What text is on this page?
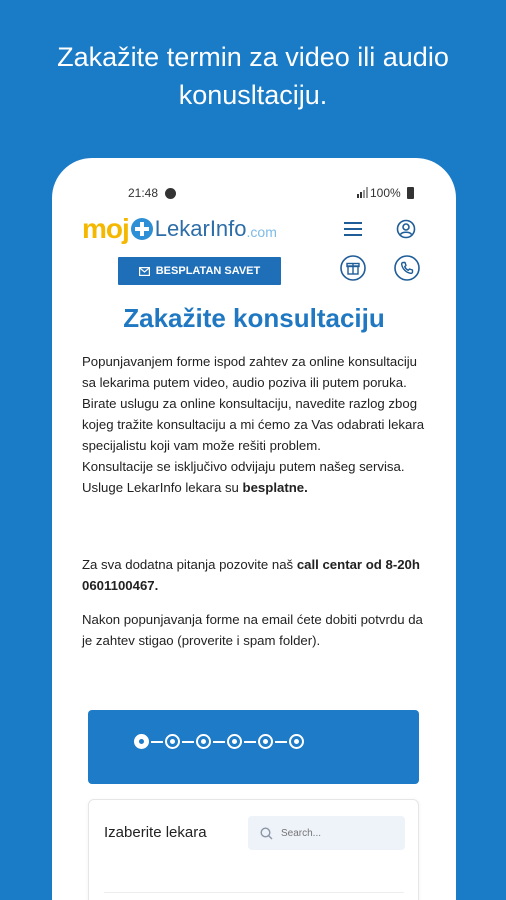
Zakažite termin za video ili audio
konusltaciju.
21:48	100%
moj LekarInfo .com
BESPLATAN SAVET
Zakažite konsultaciju
Popunjavanjem forme ispod zahtev za online konsultaciju sa lekarima putem video, audio poziva ili putem poruka.
Birate uslugu za online konsultaciju, navedite razlog zbog kojeg tražite konsultaciju a mi ćemo za Vas odabrati lekara specijalistu koji vam može rešiti problem.
Konsultacije se isključivo odvijaju putem našeg servisa. Usluge LekarInfo lekara su besplatne.
Za sva dodatna pitanja pozovite naš call centar od 8-20h 0601100467.
Nakon popunjavanja forme na email ćete dobiti potvrdu da je zahtev stigao (proverite i spam folder).
Izaberite lekara
Search...
